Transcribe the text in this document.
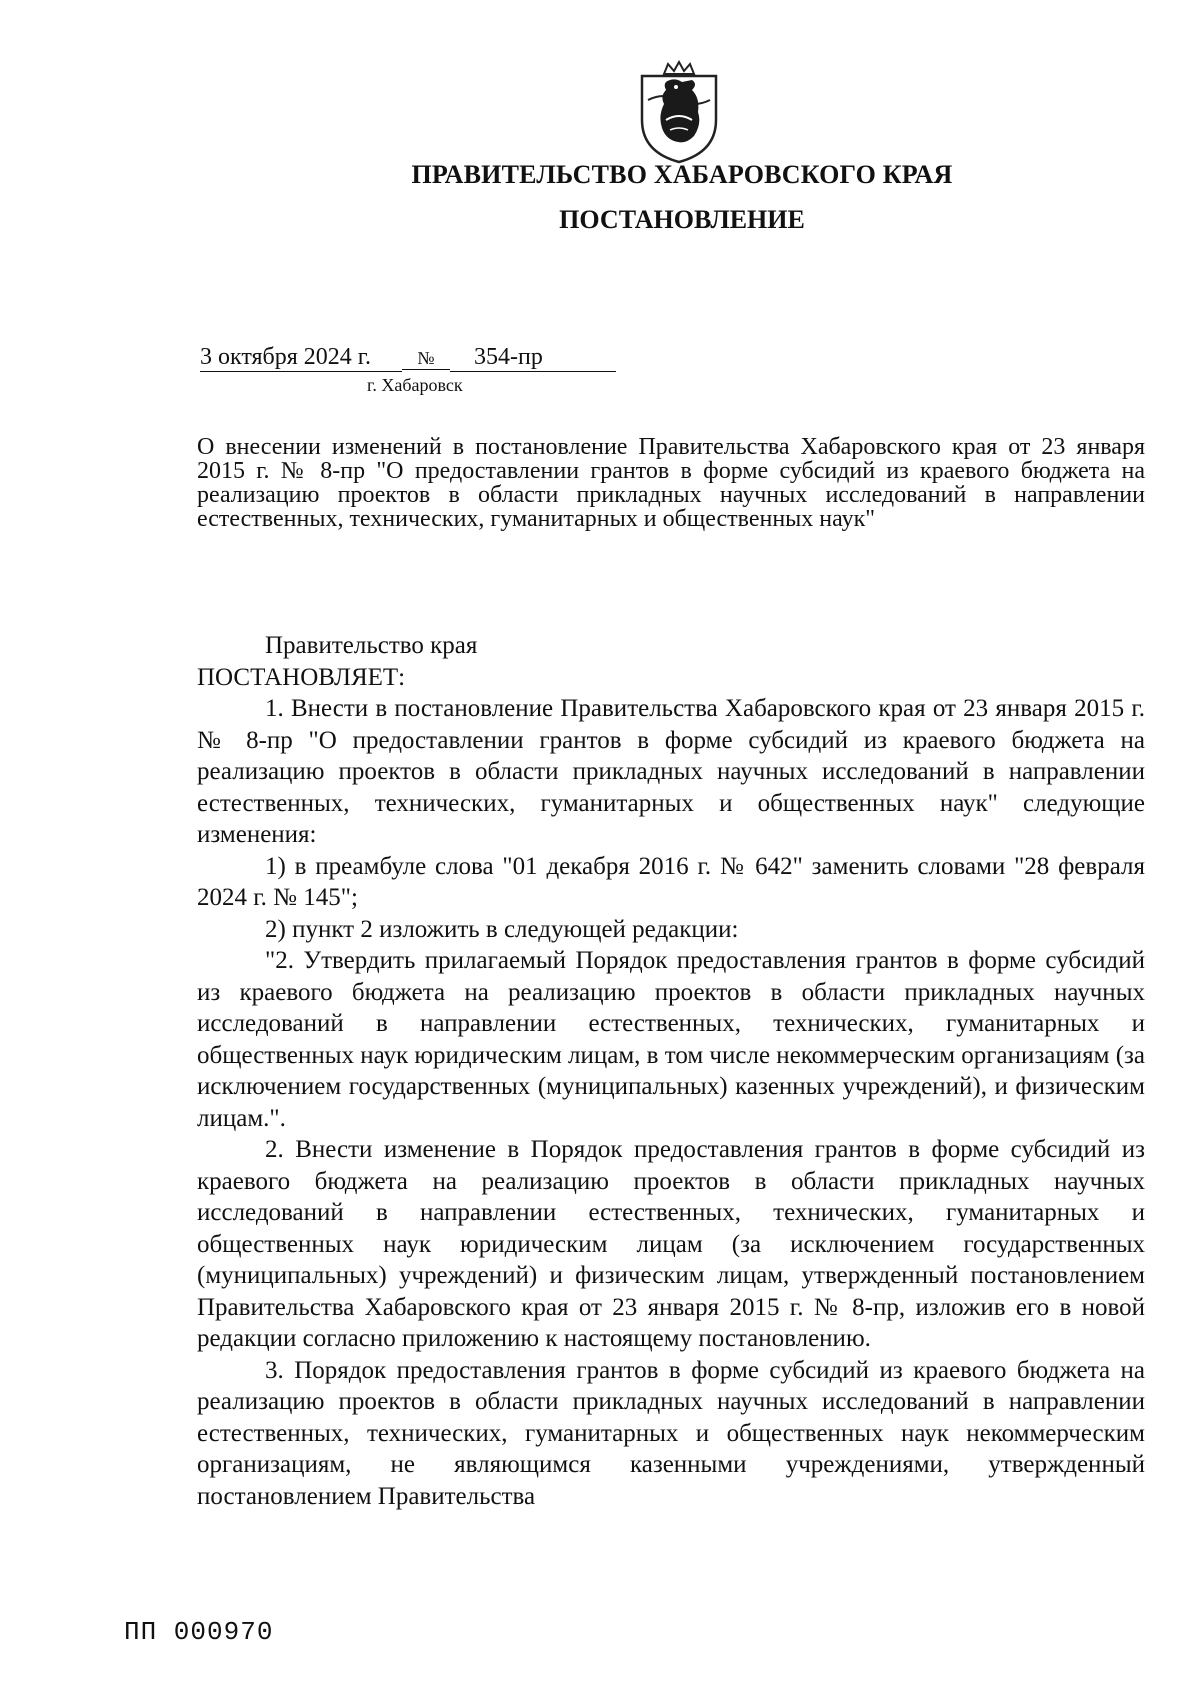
ПРАВИТЕЛЬСТВО ХАБАРОВСКОГО КРАЯ
ПОСТАНОВЛЕНИЕ
3 октября 2024 г.	№ 354-пр
г. Хабаровск

О внесении изменений в постановление Правительства Хабаровского края от 23 января 2015 г. № 8-пр "О предоставлении грантов в форме субсидий из краевого бюджета на реализацию проектов в области прикладных научных исследований в направлении естественных, технических, гуманитарных и общественных наук"

Правительство края

ПОСТАНОВЛЯЕТ:

1. Внести в постановление Правительства Хабаровского края от 23 января 2015 г. № 8-пр "О предоставлении грантов в форме субсидий из краевого бюджета на реализацию проектов в области прикладных научных исследований в направлении естественных, технических, гуманитарных и общественных наук" следующие изменения:

1) в преамбуле слова "01 декабря 2016 г. № 642" заменить словами "28 февраля 2024 г. № 145";

2) пункт 2 изложить в следующей редакции:

"2. Утвердить прилагаемый Порядок предоставления грантов в форме субсидий из краевого бюджета на реализацию проектов в области прикладных научных исследований в направлении естественных, технических, гуманитарных и общественных наук юридическим лицам, в том числе некоммерческим организациям (за исключением государственных (муниципальных) казенных учреждений), и физическим лицам.".

2. Внести изменение в Порядок предоставления грантов в форме субсидий из краевого бюджета на реализацию проектов в области прикладных научных исследований в направлении естественных, технических, гуманитарных и общественных наук юридическим лицам (за исключением государственных (муниципальных) учреждений) и физическим лицам, утвержденный постановлением Правительства Хабаровского края от 23 января 2015 г. № 8-пр, изложив его в новой редакции согласно приложению к настоящему постановлению.

3. Порядок предоставления грантов в форме субсидий из краевого бюджета на реализацию проектов в области прикладных научных исследований в направлении естественных, технических, гуманитарных и общественных наук некоммерческим организациям, не являющимся казенными учреждениями, утвержденный постановлением Правительства

ПП 000970
